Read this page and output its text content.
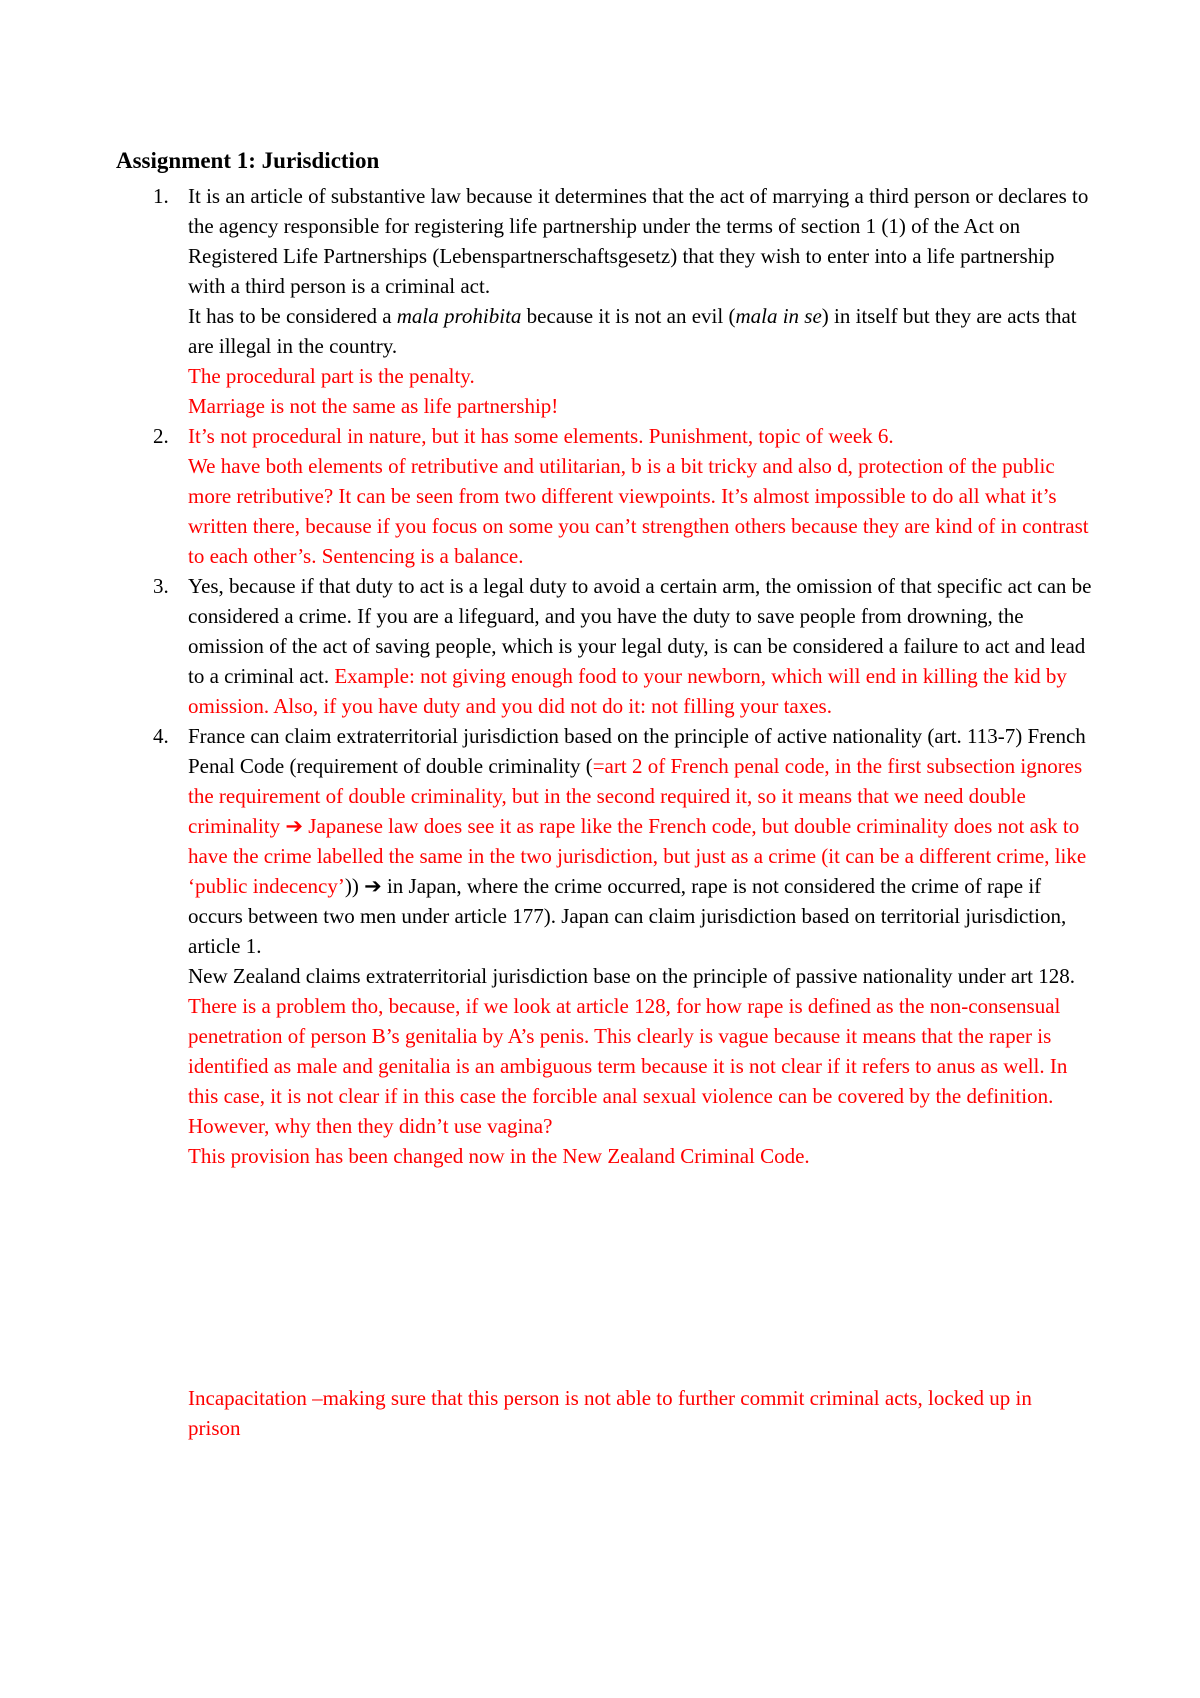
Assignment 1: Jurisdiction
1. It is an article of substantive law because it determines that the act of marrying a third person or declares to the agency responsible for registering life partnership under the terms of section 1 (1) of the Act on Registered Life Partnerships (Lebenspartnerschaftsgesetz) that they wish to enter into a life partnership with a third person is a criminal act.
It has to be considered a mala prohibita because it is not an evil (mala in se) in itself but they are acts that are illegal in the country.
The procedural part is the penalty.
Marriage is not the same as life partnership!
2. It’s not procedural in nature, but it has some elements. Punishment, topic of week 6.
We have both elements of retributive and utilitarian, b is a bit tricky and also d, protection of the public more retributive? It can be seen from two different viewpoints. It’s almost impossible to do all what it’s written there, because if you focus on some you can’t strengthen others because they are kind of in contrast to each other’s. Sentencing is a balance.
3. Yes, because if that duty to act is a legal duty to avoid a certain arm, the omission of that specific act can be considered a crime. If you are a lifeguard, and you have the duty to save people from drowning, the omission of the act of saving people, which is your legal duty, is can be considered a failure to act and lead to a criminal act. Example: not giving enough food to your newborn, which will end in killing the kid by omission. Also, if you have duty and you did not do it: not filling your taxes.
4. France can claim extraterritorial jurisdiction based on the principle of active nationality (art. 113-7) French Penal Code (requirement of double criminality (=art 2 of French penal code, in the first subsection ignores the requirement of double criminality, but in the second required it, so it means that we need double criminality ➔ Japanese law does see it as rape like the French code, but double criminality does not ask to have the crime labelled the same in the two jurisdiction, but just as a crime (it can be a different crime, like ‘public indecency’)) ➔ in Japan, where the crime occurred, rape is not considered the crime of rape if occurs between two men under article 177). Japan can claim jurisdiction based on territorial jurisdiction, article 1.
New Zealand claims extraterritorial jurisdiction base on the principle of passive nationality under art 128. There is a problem tho, because, if we look at article 128, for how rape is defined as the non-consensual penetration of person B’s genitalia by A’s penis. This clearly is vague because it means that the raper is identified as male and genitalia is an ambiguous term because it is not clear if it refers to anus as well. In this case, it is not clear if in this case the forcible anal sexual violence can be covered by the definition. However, why then they didn’t use vagina?
This provision has been changed now in the New Zealand Criminal Code.
Incapacitation –making sure that this person is not able to further commit criminal acts, locked up in prison
